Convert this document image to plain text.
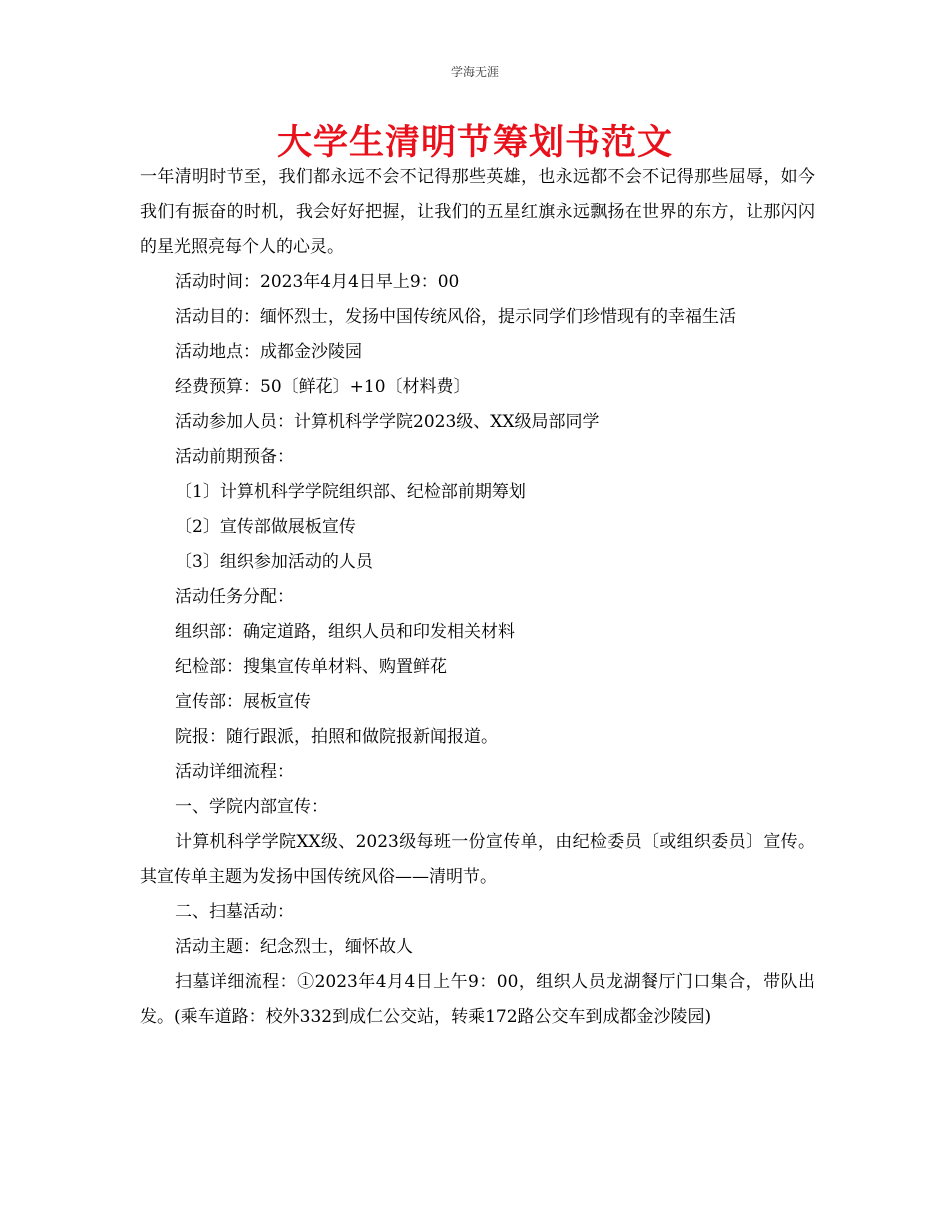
学海无涯
大学生清明节筹划书范文

一年清明时节至，我们都永远不会不记得那些英雄，也永远都不会不记得那些屈辱，如今我们有振奋的时机，我会好好把握，让我们的五星红旗永远飘扬在世界的东方，让那闪闪的星光照亮每个人的心灵。

活动时间：2023年4月4日早上9：00

活动目的：缅怀烈士，发扬中国传统风俗，提示同学们珍惜现有的幸福生活

活动地点：成都金沙陵园

经费预算：50〔鲜花〕+10〔材料费〕

活动参加人员：计算机科学学院2023级、XX级局部同学

活动前期预备：

〔1〕计算机科学学院组织部、纪检部前期筹划

〔2〕宣传部做展板宣传

〔3〕组织参加活动的人员

活动任务分配：

组织部：确定道路，组织人员和印发相关材料

纪检部：搜集宣传单材料、购置鲜花

宣传部：展板宣传

院报：随行跟派，拍照和做院报新闻报道。

活动详细流程：

一、学院内部宣传：

计算机科学学院XX级、2023级每班一份宣传单，由纪检委员〔或组织委员〕宣传。其宣传单主题为发扬中国传统风俗——清明节。

二、扫墓活动：

活动主题：纪念烈士，缅怀故人

扫墓详细流程：①2023年4月4日上午9：00，组织人员龙湖餐厅门口集合，带队出发。(乘车道路：校外332到成仁公交站，转乘172路公交车到成都金沙陵园)
